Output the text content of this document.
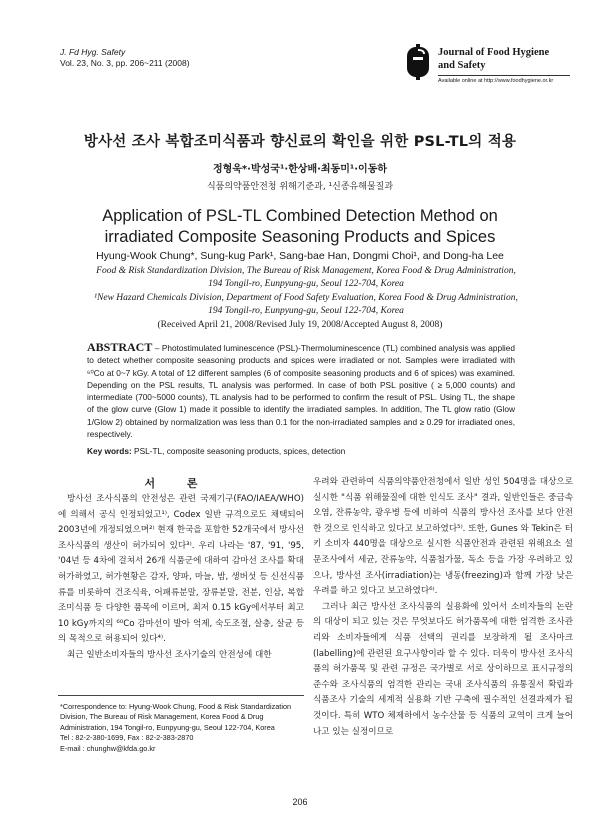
J. Fd Hyg. Safety
Vol. 23, No. 3, pp. 206~211 (2008)
Journal of Food Hygiene
and Safety
Available online at http://www.foodhygiene.or.kr
방사선 조사 복합조미식품과 향신료의 확인을 위한 PSL-TL의 적용
정형욱*·박성국¹·한상배·최동미¹·이동하
식품의약품안전청 위해기준과, ¹신종유해물질과
Application of PSL-TL Combined Detection Method on
irradiated Composite Seasoning Products and Spices
Hyung-Wook Chung*, Sung-kug Park¹, Sang-bae Han, Dongmi Choi¹, and Dong-ha Lee
Food & Risk Standardization Division, The Bureau of Risk Management, Korea Food & Drug Administration,
194 Tongil-ro, Eunpyung-gu, Seoul 122-704, Korea
¹New Hazard Chemicals Division, Department of Food Safety Evaluation, Korea Food & Drug Administration,
194 Tongil-ro, Eunpyung-gu, Seoul 122-704, Korea
(Received April 21, 2008/Revised July 19, 2008/Accepted August 8, 2008)
ABSTRACT – Photostimulated luminescence (PSL)-Thermoluminescence (TL) combined analysis was applied to detect whether composite seasoning products and spices were irradiated or not. Samples were irradiated with ⁶⁰Co at 0~7 kGy. A total of 12 different samples (6 of composite seasoning products and 6 of spices) was examined. Depending on the PSL results, TL analysis was performed. In case of both PSL positive ( ≥ 5,000 counts) and intermediate (700~5000 counts), TL analysis had to be performed to confirm the result of PSL. Using TL, the shape of the glow curve (Glow 1) made it possible to identify the irradiated samples. In addition, The TL glow ratio (Glow 1/Glow 2) obtained by normalization was less than 0.1 for the non-irradiated samples and ≥ 0.29 for irradiated ones, respectively.
Key words: PSL-TL, composite seasoning products, spices, detection
서 론

방사선 조사식품의 안전성은 관련 국제기구(FAO/IAEA/WHO)에 의해서 공식 인정되었고¹⁾, Codex 일반 규격으로도 채택되어 2003년에 개정되었으며²⁾ 현재 한국을 포함한 52개국에서 방사선 조사식품의 생산이 허가되어 있다³⁾. 우리 나라는 '87, '91, '95, '04년 등 4차에 걸쳐서 26개 식품군에 대하여 감마선 조사를 확대 허가하였고, 허가현황은 감자, 양파, 마늘, 밤, 생버섯 등 신선식품류를 비롯하여 건조식육, 어패류분말, 장류분말, 전분, 인삼, 복합조미식품 등 다양한 품목에 이르며, 최저 0.15 kGy에서부터 최고 10 kGy까지의 ⁶⁰Co 감마선이 발아 억제, 숙도조절, 살충, 살균 등의 목적으로 허용되어 있다⁴⁾.

최근 일반소비자들의 방사선 조사기술의 안전성에 대한

우려와 관련하여 식품의약품안전청에서 일반 성인 504명을 대상으로 실시한 "식품 위해물질에 대한 인식도 조사" 결과, 일반인들은 중금속오염, 잔류농약, 광우병 등에 비하여 식품의 방사선 조사를 보다 안전한 것으로 인식하고 있다고 보고하였다⁵⁾. 또한, Gunes 와 Tekin은 터키 소비자 440명을 대상으로 실시한 식품안전과 관련된 위해요소 설문조사에서 세균, 잔류농약, 식품첨가물, 독소 등을 가장 우려하고 있으나, 방사선 조사(irradiation)는 냉동(freezing)과 함께 가장 낮은 우려를 하고 있다고 보고하였다⁶⁾.

그러나 최근 방사선 조사식품의 실용화에 있어서 소비자들의 논란의 대상이 되고 있는 것은 무엇보다도 허가품목에 대한 엄격한 조사관리와 소비자들에게 식품 선택의 권리를 보장하게 될 조사마크(labelling)에 관련된 요구사항이라 할 수 있다. 더욱이 방사선 조사식품의 허가품목 및 관련 규정은 국가별로 서로 상이하므로 표시규정의 준수와 조사식품의 엄격한 관리는 국내 조사식품의 유통질서 확립과 식품조사 기술의 세계적 실용화 기반 구축에 필수적인 선결과제가 될 것이다. 특히 WTO 체제하에서 농수산물 등 식품의 교역이 크게 늘어나고 있는 실정이므로

*Correspondence to: Hyung-Wook Chung, Food & Risk Standardization Division, The Bureau of Risk Management, Korea Food & Drug Administration, 194 Tongil-ro, Eunpyung-gu, Seoul 122-704, Korea
Tel : 82-2-380-1699, Fax : 82-2-383-2870
E-mail : chunghw@kfda.go.kr
206
